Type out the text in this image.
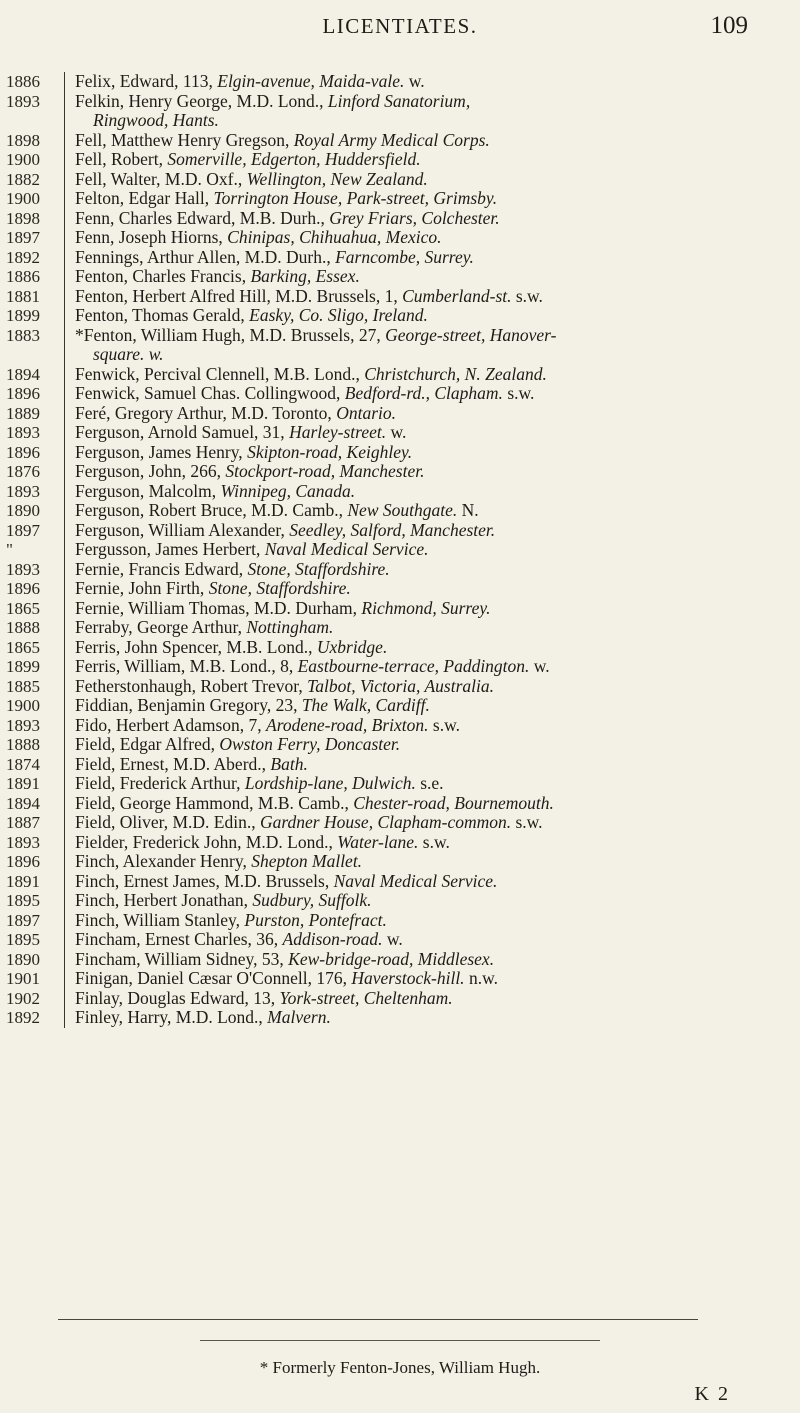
LICENTIATES.	109
1886	Felix, Edward, 113, Elgin-avenue, Maida-vale. w.
1893	Felkin, Henry George, M.D. Lond., Linford Sanatorium,
Ringwood, Hants.
1898	Fell, Matthew Henry Gregson, Royal Army Medical Corps.
1900	Fell, Robert, Somerville, Edgerton, Huddersfield.
1882	Fell, Walter, M.D. Oxf., Wellington, New Zealand.
1900	Felton, Edgar Hall, Torrington House, Park-street, Grimsby.
1898	Fenn, Charles Edward, M.B. Durh., Grey Friars, Colchester.
1897	Fenn, Joseph Hiorns, Chinipas, Chihuahua, Mexico.
1892	Fennings, Arthur Allen, M.D. Durh., Farncombe, Surrey.
1886	Fenton, Charles Francis, Barking, Essex.
1881	Fenton, Herbert Alfred Hill, M.D. Brussels, 1, Cumberland-st. s.w.
1899	Fenton, Thomas Gerald, Easky, Co. Sligo, Ireland.
1883	*Fenton, William Hugh, M.D. Brussels, 27, George-street, Hanover-
square. w.
1894	Fenwick, Percival Clennell, M.B. Lond., Christchurch, N. Zealand.
1896	Fenwick, Samuel Chas. Collingwood, Bedford-rd., Clapham. s.w.
1889	Feré, Gregory Arthur, M.D. Toronto, Ontario.
1893	Ferguson, Arnold Samuel, 31, Harley-street. w.
1896	Ferguson, James Henry, Skipton-road, Keighley.
1876	Ferguson, John, 266, Stockport-road, Manchester.
1893	Ferguson, Malcolm, Winnipeg, Canada.
1890	Ferguson, Robert Bruce, M.D. Camb., New Southgate. N.
1897	Ferguson, William Alexander, Seedley, Salford, Manchester.
"	Fergusson, James Herbert, Naval Medical Service.
1893	Fernie, Francis Edward, Stone, Staffordshire.
1896	Fernie, John Firth, Stone, Staffordshire.
1865	Fernie, William Thomas, M.D. Durham, Richmond, Surrey.
1888	Ferraby, George Arthur, Nottingham.
1865	Ferris, John Spencer, M.B. Lond., Uxbridge.
1899	Ferris, William, M.B. Lond., 8, Eastbourne-terrace, Paddington. w.
1885	Fetherstonhaugh, Robert Trevor, Talbot, Victoria, Australia.
1900	Fiddian, Benjamin Gregory, 23, The Walk, Cardiff.
1893	Fido, Herbert Adamson, 7, Arodene-road, Brixton. s.w.
1888	Field, Edgar Alfred, Owston Ferry, Doncaster.
1874	Field, Ernest, M.D. Aberd., Bath.
1891	Field, Frederick Arthur, Lordship-lane, Dulwich. s.e.
1894	Field, George Hammond, M.B. Camb., Chester-road, Bournemouth.
1887	Field, Oliver, M.D. Edin., Gardner House, Clapham-common. s.w.
1893	Fielder, Frederick John, M.D. Lond., Water-lane. s.w.
1896	Finch, Alexander Henry, Shepton Mallet.
1891	Finch, Ernest James, M.D. Brussels, Naval Medical Service.
1895	Finch, Herbert Jonathan, Sudbury, Suffolk.
1897	Finch, William Stanley, Purston, Pontefract.
1895	Fincham, Ernest Charles, 36, Addison-road. w.
1890	Fincham, William Sidney, 53, Kew-bridge-road, Middlesex.
1901	Finigan, Daniel Cæsar O'Connell, 176, Haverstock-hill. n.w.
1902	Finlay, Douglas Edward, 13, York-street, Cheltenham.
1892	Finley, Harry, M.D. Lond., Malvern.
* Formerly Fenton-Jones, William Hugh.
K 2
